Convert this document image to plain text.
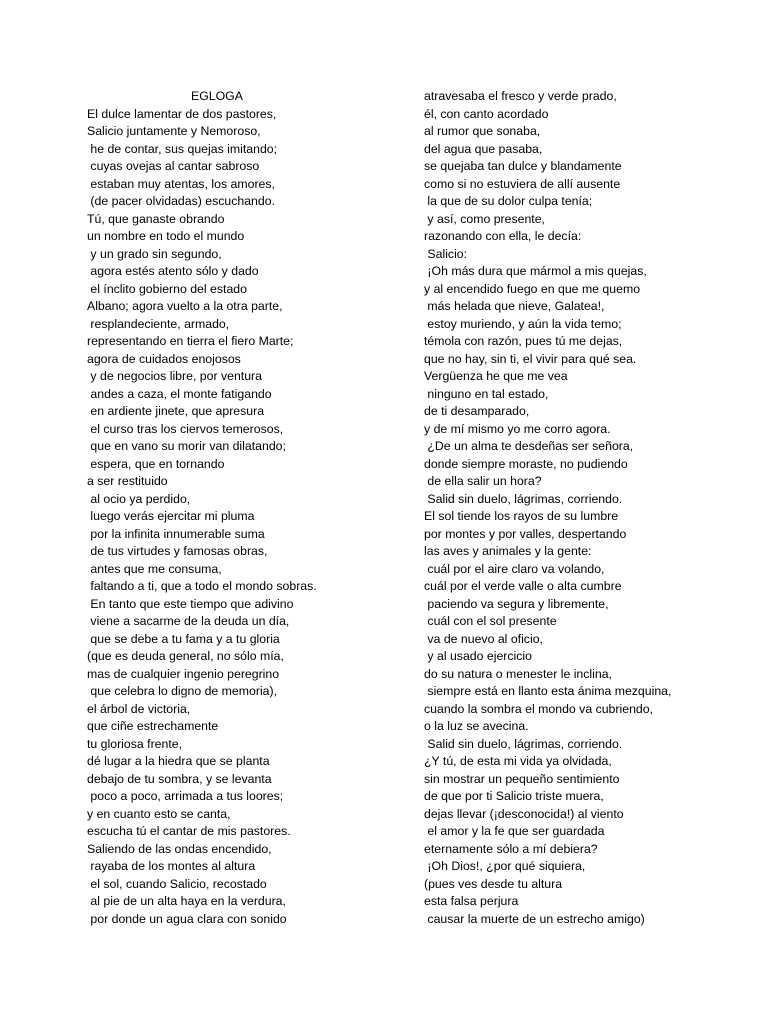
EGLOGA
El dulce lamentar de dos pastores,
Salicio juntamente y Nemoroso,
he de contar, sus quejas imitando;
cuyas ovejas al cantar sabroso
estaban muy atentas, los amores,
(de pacer olvidadas) escuchando.
Tú, que ganaste obrando
un nombre en todo el mundo
y un grado sin segundo,
agora estés atento sólo y dado
el ínclito gobierno del estado
Albano; agora vuelto a la otra parte,
resplandeciente, armado,
representando en tierra el fiero Marte;
agora de cuidados enojosos
y de negocios libre, por ventura
andes a caza, el monte fatigando
en ardiente jinete, que apresura
el curso tras los ciervos temerosos,
que en vano su morir van dilatando;
espera, que en tornando
a ser restituido
al ocio ya perdido,
luego verás ejercitar mi pluma
por la infinita innumerable suma
de tus virtudes y famosas obras,
antes que me consuma,
faltando a ti, que a todo el mondo sobras.
En tanto que este tiempo que adivino
viene a sacarme de la deuda un día,
que se debe a tu fama y a tu gloria
(que es deuda general, no sólo mía,
mas de cualquier ingenio peregrino
que celebra lo digno de memoria),
el árbol de victoria,
que ciñe estrechamente
tu gloriosa frente,
dé lugar a la hiedra que se planta
debajo de tu sombra, y se levanta
poco a poco, arrimada a tus loores;
y en cuanto esto se canta,
escucha tú el cantar de mis pastores.
Saliendo de las ondas encendido,
rayaba de los montes al altura
el sol, cuando Salicio, recostado
al pie de un alta haya en la verdura,
por donde un agua clara con sonido
atravesaba el fresco y verde prado,
él, con canto acordado
al rumor que sonaba,
del agua que pasaba,
se quejaba tan dulce y blandamente
como si no estuviera de allí ausente
la que de su dolor culpa tenía;
y así, como presente,
razonando con ella, le decía:
Salicio:
¡Oh más dura que mármol a mis quejas,
y al encendido fuego en que me quemo
más helada que nieve, Galatea!,
estoy muriendo, y aún la vida temo;
témola con razón, pues tú me dejas,
que no hay, sin ti, el vivir para qué sea.
Vergüenza he que me vea
ninguno en tal estado,
de ti desamparado,
y de mí mismo yo me corro agora.
¿De un alma te desdeñas ser señora,
donde siempre moraste, no pudiendo
de ella salir un hora?
Salid sin duelo, lágrimas, corriendo.
El sol tiende los rayos de su lumbre
por montes y por valles, despertando
las aves y animales y la gente:
cuál por el aire claro va volando,
cuál por el verde valle o alta cumbre
paciendo va segura y libremente,
cuál con el sol presente
va de nuevo al oficio,
y al usado ejercicio
do su natura o menester le inclina,
siempre está en llanto esta ánima mezquina,
cuando la sombra el mondo va cubriendo,
o la luz se avecina.
Salid sin duelo, lágrimas, corriendo.
¿Y tú, de esta mi vida ya olvidada,
sin mostrar un pequeño sentimiento
de que por ti Salicio triste muera,
dejas llevar (¡desconocida!) al viento
el amor y la fe que ser guardada
eternamente sólo a mí debiera?
¡Oh Dios!, ¿por qué siquiera,
(pues ves desde tu altura
esta falsa perjura
causar la muerte de un estrecho amigo)
